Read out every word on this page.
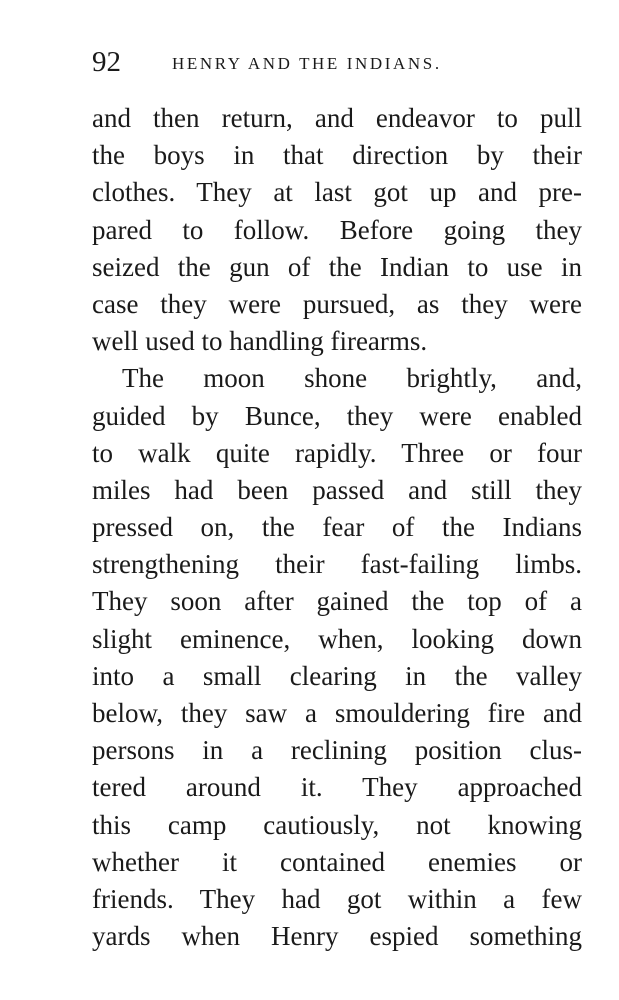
92	HENRY AND THE INDIANS.
and then return, and endeavor to pull
the boys in that direction by their
clothes. They at last got up and pre-
pared to follow. Before going they
seized the gun of the Indian to use in
case they were pursued, as they were
well used to handling firearms.
The moon shone brightly, and,
guided by Bunce, they were enabled
to walk quite rapidly. Three or four
miles had been passed and still they
pressed on, the fear of the Indians
strengthening their fast-failing limbs.
They soon after gained the top of a
slight eminence, when, looking down
into a small clearing in the valley
below, they saw a smouldering fire and
persons in a reclining position clus-
tered around it. They approached
this camp cautiously, not knowing
whether it contained enemies or
friends. They had got within a few
yards when Henry espied something
